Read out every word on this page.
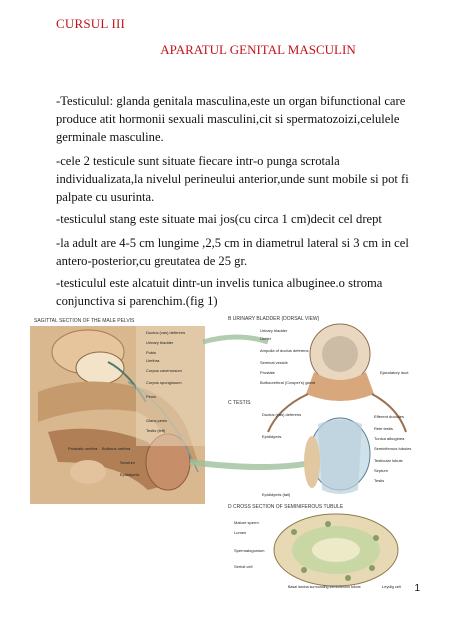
CURSUL III
APARATUL GENITAL MASCULIN

-Testiculul: glanda genitala masculina,este un organ bifunctional care produce atit hormonii sexuali masculini,cit si spermatozoizi,celulele germinale masculine.

-cele 2 testicule sunt situate fiecare intr-o punga scrotala individualizata,la nivelul perineului anterior,unde sunt mobile si pot fi palpate cu usurinta.

-testiculul stang este situate mai jos(cu circa 1 cm)decit cel drept

-la adult are 4-5 cm lungime ,2,5 cm in diametrul lateral si 3 cm in cel antero-posterior,cu greutatea de 25 gr.

-testiculul este alcatuit dintr-un invelis tunica albuginee.o stroma conjunctiva si parenchim.(fig 1)

SAGITTAL SECTION OF THE MALE PELVIS
Ductus (vas) deferens
Urinary bladder
Pubis
Urethra
Corpus cavernosum
Corpus spongiosum
Penis
Prostatic urethra Bulbous urethra
Glans penis
Scrotum
Testis (left)
Epididymis
B URINARY BLADDER (DORSAL VIEW)
Urinary bladder
Ureter
Ampulla of ductus deferens
Seminal vesicle
Prostate
Bulbourethral (Cowper's) gland
Ejaculatory duct
C TESTIS
Ductus (vas) deferens
Epididymis
Efferent ductules
Rete testis
Tunica albuginea
Seminiferous tubules
Testicular lobule
Septum
Testis
Epididymis (tail)
D CROSS SECTION OF SEMINIFEROUS TUBULE
Mature sperm
Lumen
Spermatogonium
Sertoli cell
Basal lamina surrounding seminiferous tubule	Leydig cell 1
